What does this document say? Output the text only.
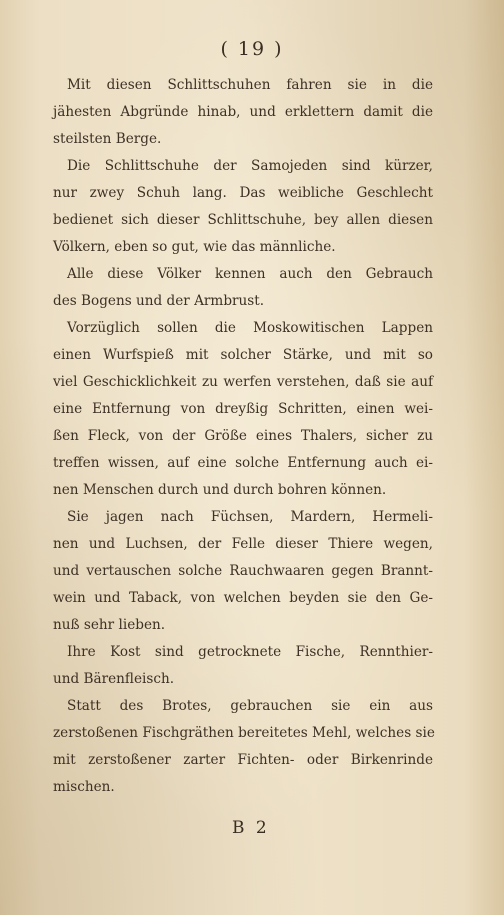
( 19 )
Mit diesen Schlittschuhen fahren sie in die
jähesten Abgründe hinab, und erklettern damit die
steilsten Berge.
Die Schlittschuhe der Samojeden sind kürzer,
nur zwey Schuh lang. Das weibliche Geschlecht
bedienet sich dieser Schlittschuhe, bey allen diesen
Völkern, eben so gut, wie das männliche.
Alle diese Völker kennen auch den Gebrauch
des Bogens und der Armbrust.
Vorzüglich sollen die Moskowitischen Lappen
einen Wurfspieß mit solcher Stärke, und mit so
viel Geschicklichkeit zu werfen verstehen, daß sie auf
eine Entfernung von dreyßig Schritten, einen wei-
ßen Fleck, von der Größe eines Thalers, sicher zu
treffen wissen, auf eine solche Entfernung auch ei-
nen Menschen durch und durch bohren können.
Sie jagen nach Füchsen, Mardern, Hermeli-
nen und Luchsen, der Felle dieser Thiere wegen,
und vertauschen solche Rauchwaaren gegen Brannt-
wein und Taback, von welchen beyden sie den Ge-
nuß sehr lieben.
Ihre Kost sind getrocknete Fische, Rennthier-
und Bärenfleisch.
Statt des Brotes, gebrauchen sie ein aus
zerstoßenen Fischgräthen bereitetes Mehl, welches sie
mit zerstoßener zarter Fichten- oder Birkenrinde
mischen.
B 2
